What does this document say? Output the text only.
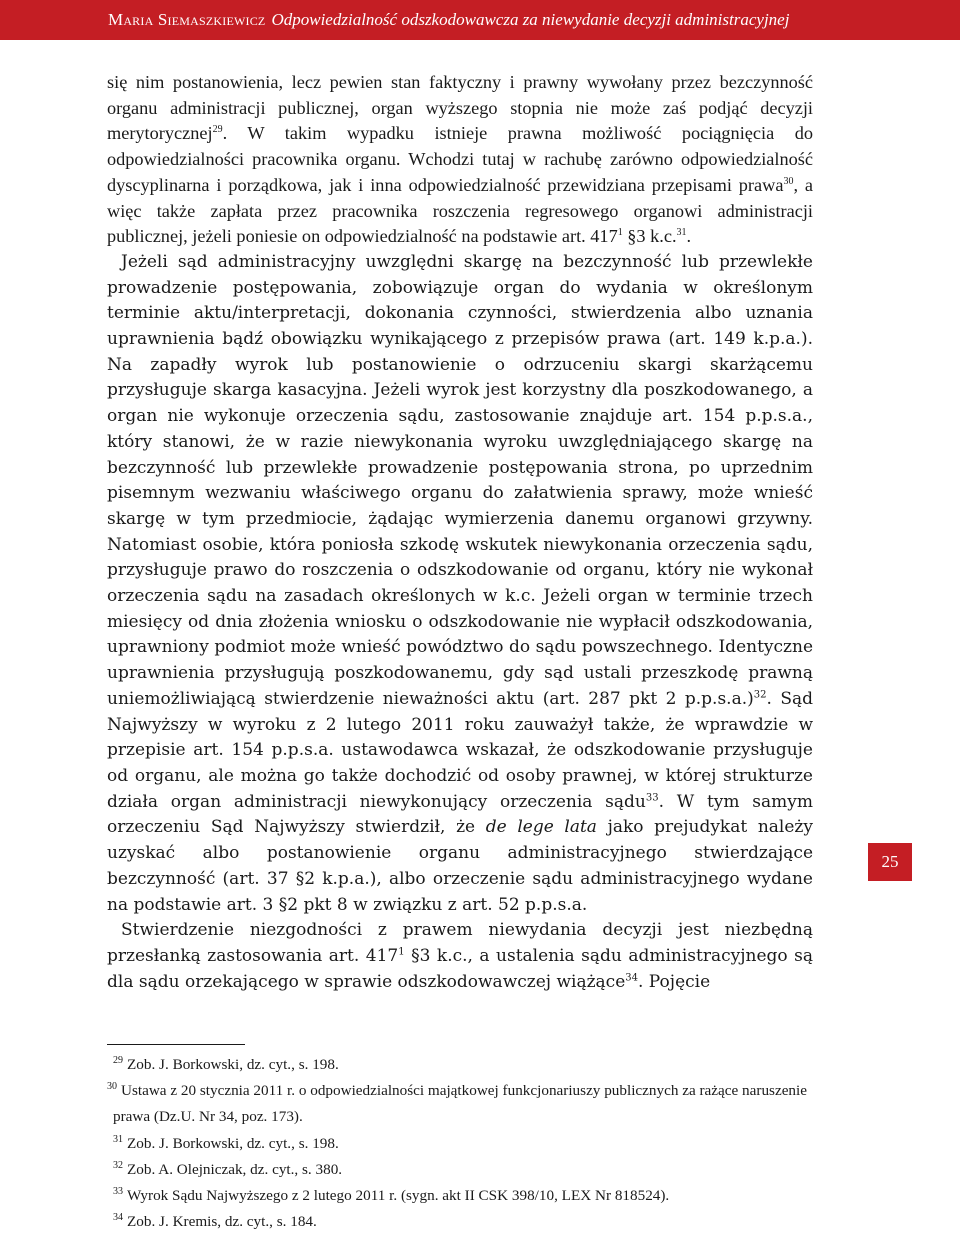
Maria Siemaszkiewicz Odpowiedzialność odszkodowawcza za niewydanie decyzji administracyjnej

się nim postanowienia, lecz pewien stan faktyczny i prawny wywołany przez bezczynność organu administracji publicznej, organ wyższego stopnia nie może zaś podjąć decyzji merytorycznej$^{29}$. W takim wypadku istnieje prawna możliwość pociągnięcia do odpowiedzialności pracownika organu. Wchodzi tutaj w rachubę zarówno odpowiedzialność dyscyplinarna i porządkowa, jak i inna odpowiedzialność przewidziana przepisami prawa$^{30}$, a więc także zapłata przez pracownika roszczenia regresowego organowi administracji publicznej, jeżeli poniesie on odpowiedzialność na podstawie art. $417^1$ §3 k.c.$^{31}$.

Jeżeli sąd administracyjny uwzględni skargę na bezczynność lub przewlekłe prowadzenie postępowania, zobowiązuje organ do wydania w określonym terminie aktu/interpretacji, dokonania czynności, stwierdzenia albo uznania uprawnienia bądź obowiązku wynikającego z przepisów prawa (art. 149 k.p.a.). Na zapadły wyrok lub postanowienie o odrzuceniu skargi skarżącemu przysługuje skarga kasacyjna. Jeżeli wyrok jest korzystny dla poszkodowanego, a organ nie wykonuje orzeczenia sądu, zastosowanie znajduje art. 154 p.p.s.a., który stanowi, że w razie niewykonania wyroku uwzględniającego skargę na bezczynność lub przewlekłe prowadzenie postępowania strona, po uprzednim pisemnym wezwaniu właściwego organu do załatwienia sprawy, może wnieść skargę w tym przedmiocie, żądając wymierzenia danemu organowi grzywny. Natomiast osobie, która poniosła szkodę wskutek niewykonania orzeczenia sądu, przysługuje prawo do roszczenia o odszkodowanie od organu, który nie wykonał orzeczenia sądu na zasadach określonych w k.c. Jeżeli organ w terminie trzech miesięcy od dnia złożenia wniosku o odszkodowanie nie wypłacił odszkodowania, uprawniony podmiot może wnieść powództwo do sądu powszechnego. Identyczne uprawnienia przysługują poszkodowanemu, gdy sąd ustali przeszkodę prawną uniemożliwiającą stwierdzenie nieważności aktu (art. 287 pkt 2 p.p.s.a.)$^{32}$. Sąd Najwyższy w wyroku z 2 lutego 2011 roku zauważył także, że wprawdzie w przepisie art. 154 p.p.s.a. ustawodawca wskazał, że odszkodowanie przysługuje od organu, ale można go także dochodzić od osoby prawnej, w której strukturze działa organ administracji niewykonujący orzeczenia sądu$^{33}$. W tym samym orzeczeniu Sąd Najwyższy stwierdził, że de lege lata jako prejudykat należy uzyskać albo postanowienie organu administracyjnego stwierdzające bezczynność (art. 37 §2 k.p.a.), albo orzeczenie sądu administracyjnego wydane na podstawie art. 3 §2 pkt 8 w związku z art. 52 p.p.s.a.

Stwierdzenie niezgodności z prawem niewydania decyzji jest niezbędną przesłanką zastosowania art. $417^1$ §3 k.c., a ustalenia sądu administracyjnego są dla sądu orzekającego w sprawie odszkodowawczej wiążące$^{34}$. Pojęcie

25

$^{29}$ Zob. J. Borkowski, dz. cyt., s. 198.

$^{30}$ Ustawa z 20 stycznia 2011 r. o odpowiedzialności majątkowej funkcjonariuszy publicznych za rażące naruszenie prawa (Dz.U. Nr 34, poz. 173).

$^{31}$ Zob. J. Borkowski, dz. cyt., s. 198.

$^{32}$ Zob. A. Olejniczak, dz. cyt., s. 380.

$^{33}$ Wyrok Sądu Najwyższego z 2 lutego 2011 r. (sygn. akt II CSK 398/10, LEX Nr 818524).

$^{34}$ Zob. J. Kremis, dz. cyt., s. 184.
